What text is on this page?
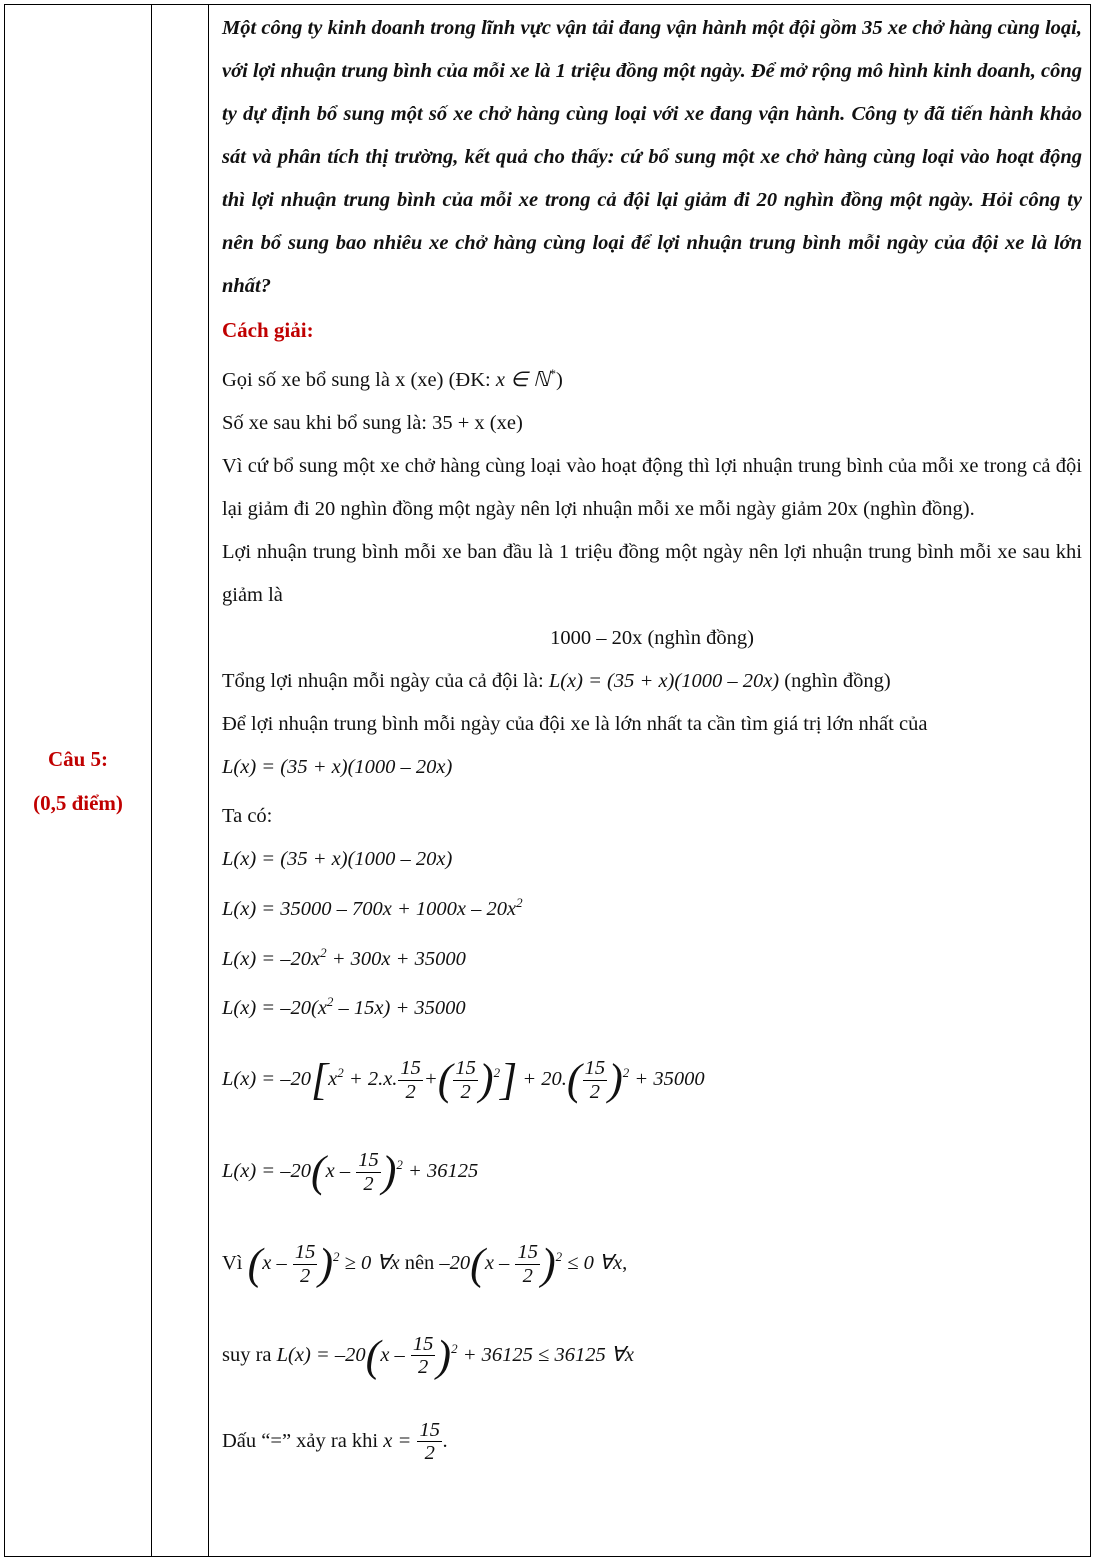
Câu 5:
(0,5 điểm)

Một công ty kinh doanh trong lĩnh vực vận tải đang vận hành một đội gồm 35 xe chở hàng cùng loại, với lợi nhuận trung bình của mỗi xe là 1 triệu đồng một ngày. Để mở rộng mô hình kinh doanh, công ty dự định bổ sung một số xe chở hàng cùng loại với xe đang vận hành. Công ty đã tiến hành khảo sát và phân tích thị trường, kết quả cho thấy: cứ bổ sung một xe chở hàng cùng loại vào hoạt động thì lợi nhuận trung bình của mỗi xe trong cả đội lại giảm đi 20 nghìn đồng một ngày. Hỏi công ty nên bổ sung bao nhiêu xe chở hàng cùng loại để lợi nhuận trung bình mỗi ngày của đội xe là lớn nhất?

Cách giải:

Gọi số xe bổ sung là x (xe) (ĐK: x ∈ ℕ*)

Số xe sau khi bổ sung là: 35 + x (xe)

Vì cứ bổ sung một xe chở hàng cùng loại vào hoạt động thì lợi nhuận trung bình của mỗi xe trong cả đội lại giảm đi 20 nghìn đồng một ngày nên lợi nhuận mỗi xe mỗi ngày giảm 20x (nghìn đồng).

Lợi nhuận trung bình mỗi xe ban đầu là 1 triệu đồng một ngày nên lợi nhuận trung bình mỗi xe sau khi giảm là

1000 – 20x (nghìn đồng)

Tổng lợi nhuận mỗi ngày của cả đội là: L(x) = (35 + x)(1000 – 20x) (nghìn đồng)

Để lợi nhuận trung bình mỗi ngày của đội xe là lớn nhất ta cần tìm giá trị lớn nhất của

L(x) = (35 + x)(1000 – 20x)

Ta có:

L(x) = (35 + x)(1000 – 20x)

$L(x) = 35000 - 700x + 1000x - 20x^2$

$L(x) = -20x^2 + 300x + 35000$

$L(x) = -20(x^2 - 15x) + 35000$

$L(x) = -20[x^2 + 2.x$. $\frac{15}{2}$ +( $\frac{15}{2} )^2] + 20.( \frac{15}{2} )^2 + 35000$

$L(x) = -20(x - \frac{15}{2} )^2 + 36125$

Vì $(x - \frac{15}{2} )^2 \ge 0$ ∀x nên $-20(x - \frac{15}{2} )^2 \le 0$ ∀x,

suy ra $L(x) = -20(x - \frac{15}{2} )^2 + 36125 \le 36125$ ∀x

Dấu “=” xảy ra khi $x = \frac{15}{2}$ .
